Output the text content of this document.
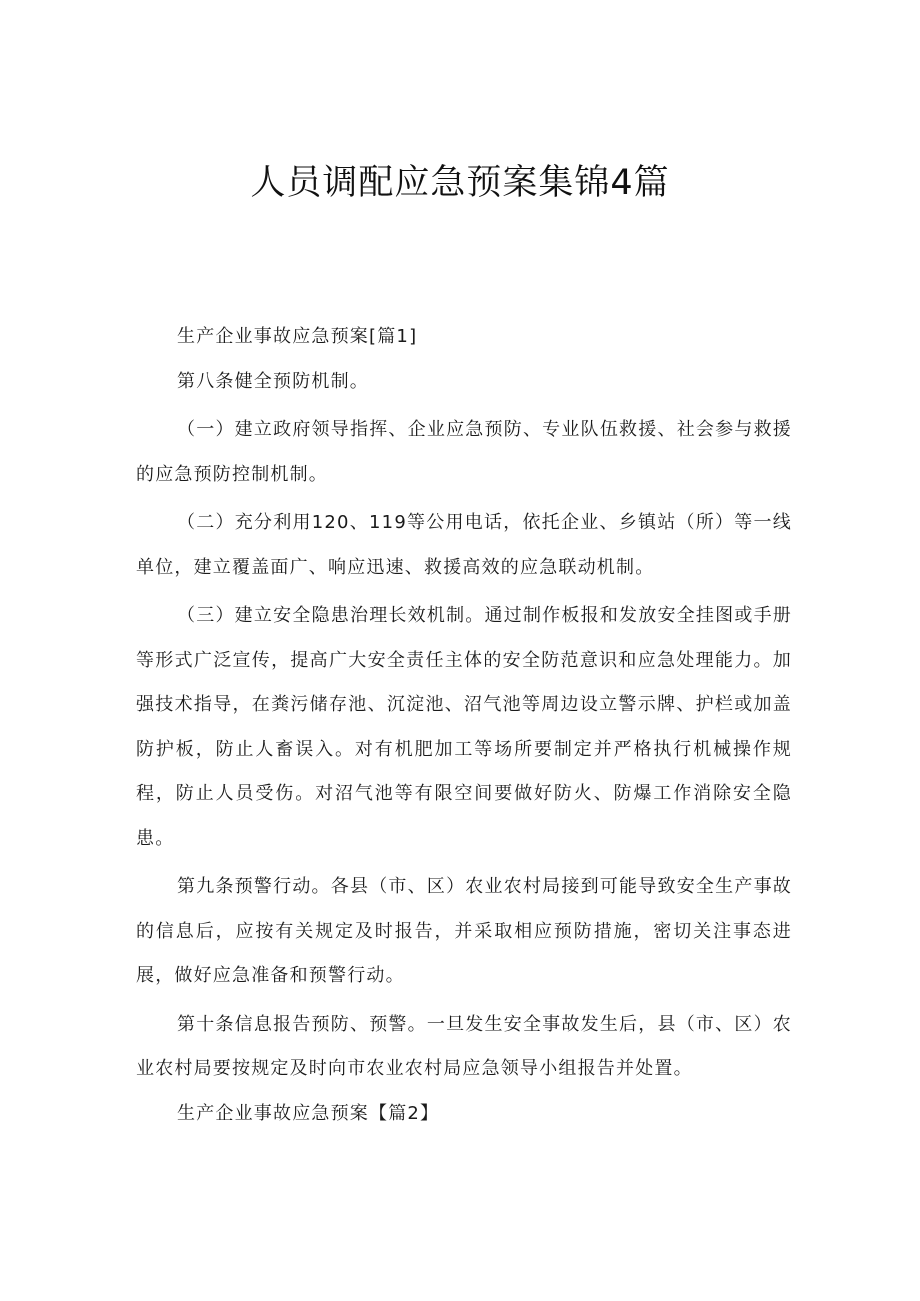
人员调配应急预案集锦4篇

生产企业事故应急预案[篇1]

第八条健全预防机制。

（一）建立政府领导指挥、企业应急预防、专业队伍救援、社会参与救援的应急预防控制机制。

（二）充分利用120、119等公用电话，依托企业、乡镇站（所）等一线单位，建立覆盖面广、响应迅速、救援高效的应急联动机制。

（三）建立安全隐患治理长效机制。通过制作板报和发放安全挂图或手册等形式广泛宣传，提高广大安全责任主体的安全防范意识和应急处理能力。加强技术指导，在粪污储存池、沉淀池、沼气池等周边设立警示牌、护栏或加盖防护板，防止人畜误入。对有机肥加工等场所要制定并严格执行机械操作规程，防止人员受伤。对沼气池等有限空间要做好防火、防爆工作消除安全隐患。

第九条预警行动。各县（市、区）农业农村局接到可能导致安全生产事故的信息后，应按有关规定及时报告，并采取相应预防措施，密切关注事态进展，做好应急准备和预警行动。

第十条信息报告预防、预警。一旦发生安全事故发生后，县（市、区）农业农村局要按规定及时向市农业农村局应急领导小组报告并处置。

生产企业事故应急预案【篇2】
